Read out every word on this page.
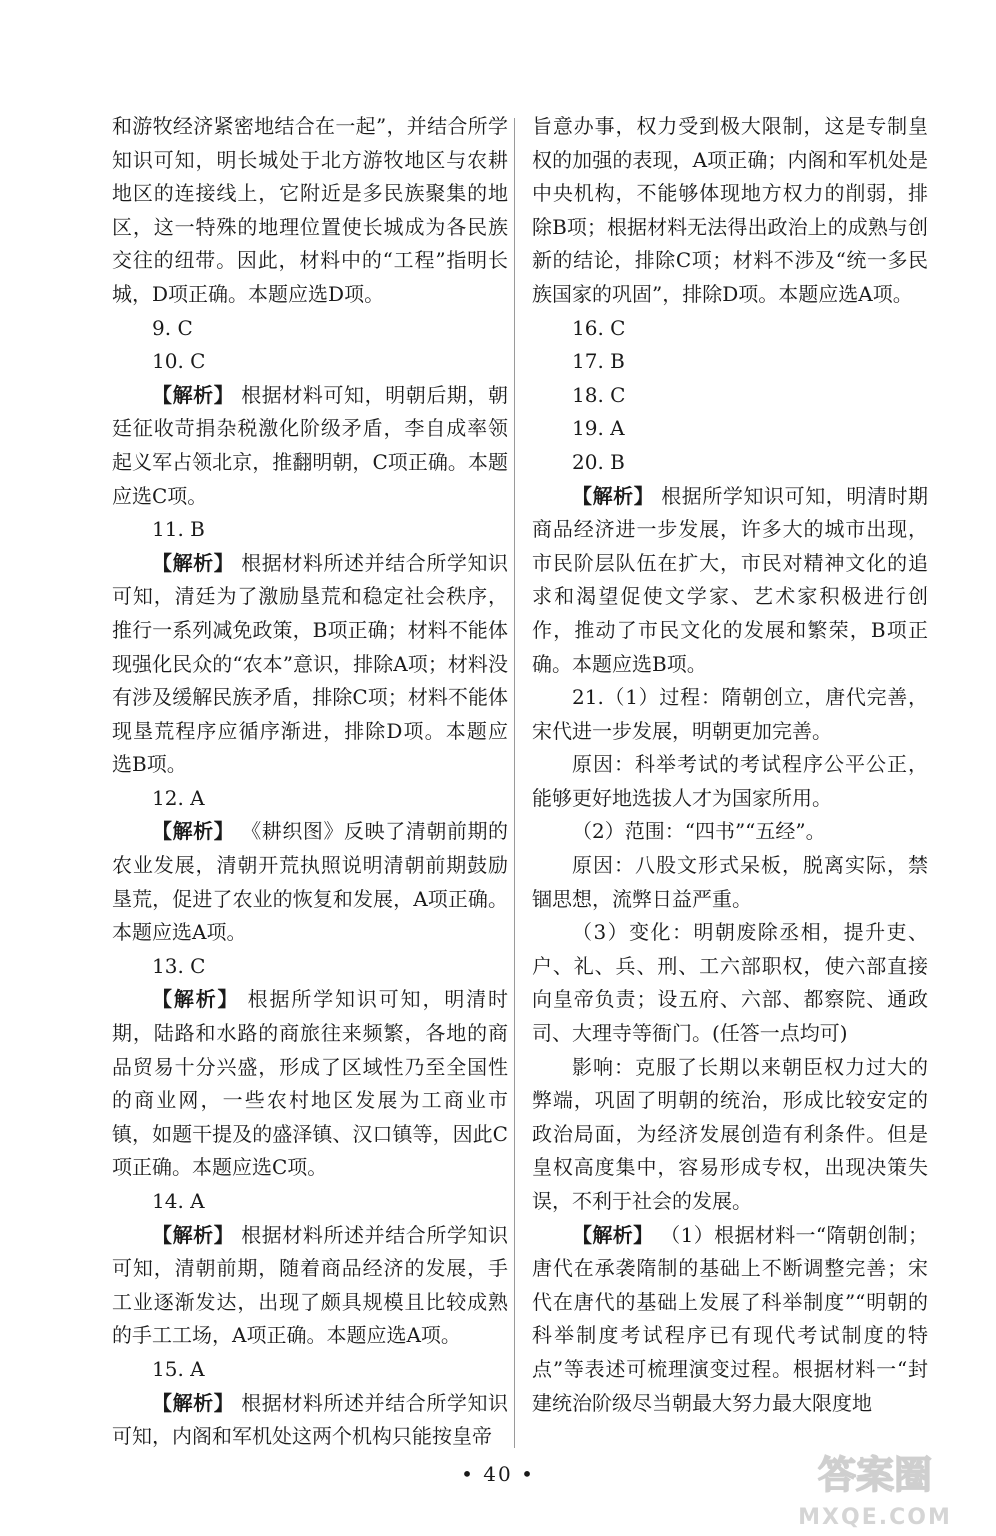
和游牧经济紧密地结合在一起”，并结合所学知识可知，明长城处于北方游牧地区与农耕地区的连接线上，它附近是多民族聚集的地区，这一特殊的地理位置使长城成为各民族交往的纽带。因此，材料中的“工程”指明长城，D项正确。本题应选D项。

9. C

10. C

【解析】 根据材料可知，明朝后期，朝廷征收苛捐杂税激化阶级矛盾，李自成率领起义军占领北京，推翻明朝，C项正确。本题应选C项。

11. B

【解析】 根据材料所述并结合所学知识可知，清廷为了激励垦荒和稳定社会秩序，推行一系列减免政策，B项正确；材料不能体现强化民众的“农本”意识，排除A项；材料没有涉及缓解民族矛盾，排除C项；材料不能体现垦荒程序应循序渐进，排除D项。本题应选B项。

12. A

【解析】 《耕织图》反映了清朝前期的农业发展，清朝开荒执照说明清朝前期鼓励垦荒，促进了农业的恢复和发展，A项正确。本题应选A项。

13. C

【解析】 根据所学知识可知，明清时期，陆路和水路的商旅往来频繁，各地的商品贸易十分兴盛，形成了区域性乃至全国性的商业网，一些农村地区发展为工商业市镇，如题干提及的盛泽镇、汉口镇等，因此C项正确。本题应选C项。

14. A

【解析】 根据材料所述并结合所学知识可知，清朝前期，随着商品经济的发展，手工业逐渐发达，出现了颇具规模且比较成熟的手工工场，A项正确。本题应选A项。

15. A

【解析】 根据材料所述并结合所学知识可知，内阁和军机处这两个机构只能按皇帝

旨意办事，权力受到极大限制，这是专制皇权的加强的表现，A项正确；内阁和军机处是中央机构，不能够体现地方权力的削弱，排除B项；根据材料无法得出政治上的成熟与创新的结论，排除C项；材料不涉及“统一多民族国家的巩固”，排除D项。本题应选A项。

16. C

17. B

18. C

19. A

20. B

【解析】 根据所学知识可知，明清时期商品经济进一步发展，许多大的城市出现，市民阶层队伍在扩大，市民对精神文化的追求和渴望促使文学家、艺术家积极进行创作，推动了市民文化的发展和繁荣，B项正确。本题应选B项。

21.（1）过程：隋朝创立，唐代完善，宋代进一步发展，明朝更加完善。

原因：科举考试的考试程序公平公正，能够更好地选拔人才为国家所用。

（2）范围：“四书”“五经”。

原因：八股文形式呆板，脱离实际，禁锢思想，流弊日益严重。

（3）变化：明朝废除丞相，提升吏、户、礼、兵、刑、工六部职权，使六部直接向皇帝负责；设五府、六部、都察院、通政司、大理寺等衙门。(任答一点均可)

影响：克服了长期以来朝臣权力过大的弊端，巩固了明朝的统治，形成比较安定的政治局面，为经济发展创造有利条件。但是皇权高度集中，容易形成专权，出现决策失误，不利于社会的发展。

【解析】 （1）根据材料一“隋朝创制；唐代在承袭隋制的基础上不断调整完善；宋代在唐代的基础上发展了科举制度”“明朝的科举制度考试程序已有现代考试制度的特点”等表述可梳理演变过程。根据材料一“封建统治阶级尽当朝最大努力最大限度地

• 40 •	答案圈
MXQE.COM
